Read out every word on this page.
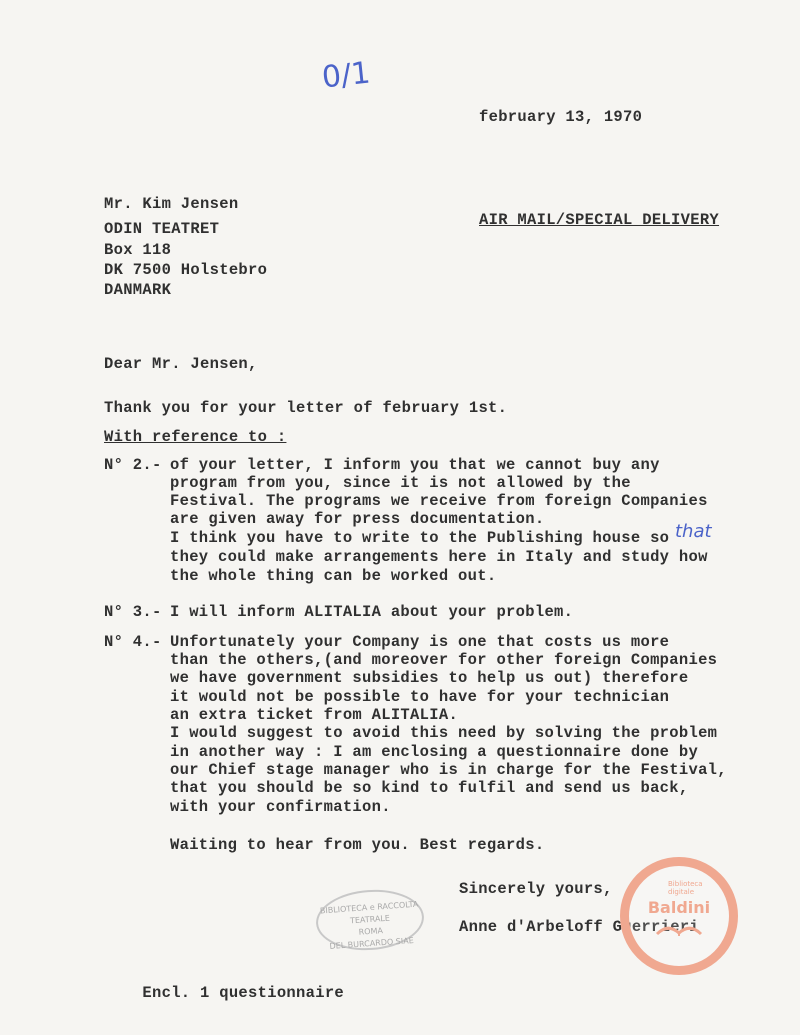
0/1
february 13, 1970
Mr. Kim Jensen
ODIN TEATRET
Box 118
DK 7500 Holstebro
DANMARK
AIR MAIL/SPECIAL DELIVERY
Dear Mr. Jensen,
Thank you for your letter of february 1st.
With reference to :
N° 2.- of your letter, I inform you that we cannot buy any
program from you, since it is not allowed by the
Festival. The programs we receive from foreign Companies
are given away for press documentation.
I think you have to write to the Publishing house so that
they could make arrangements here in Italy and study how
the whole thing can be worked out.
N° 3.- I will inform ALITALIA about your problem.
N° 4.- Unfortunately your Company is one that costs us more
than the others,(and moreover for other foreign Companies
we have government subsidies to help us out) therefore
it would not be possible to have for your technician
an extra ticket from ALITALIA.
I would suggest to avoid this need by solving the problem
in another way : I am enclosing a questionnaire done by
our Chief stage manager who is in charge for the Festival,
that you should be so kind to fulfil and send us back,
with your confirmation.
Waiting to hear from you. Best regards.
Sincerely yours,
Anne d'Arbeloff Guerrieri
BIBLIOTECA e RACCOLTA TEATRALE
ROMA
DEL BURCARDO SIAE
Biblioteca digitale
Baldini

Encl. 1 questionnaire
